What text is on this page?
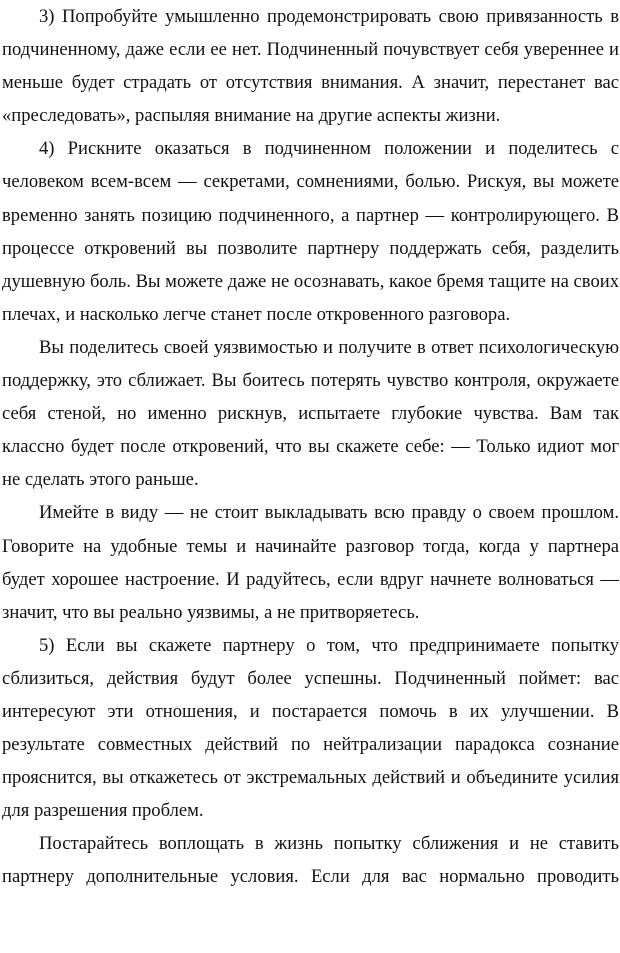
3) Попробуйте умышленно продемонстрировать свою привязанность в подчиненному, даже если ее нет. Подчиненный почувствует себя увереннее и меньше будет страдать от отсутствия внимания. А значит, перестанет вас «преследовать», распыляя внимание на другие аспекты жизни.

4) Рискните оказаться в подчиненном положении и поделитесь с человеком всем-всем — секретами, сомнениями, болью. Рискуя, вы можете временно занять позицию подчиненного, а партнер — контролирующего. В процессе откровений вы позволите партнеру поддержать себя, разделить душевную боль. Вы можете даже не осознавать, какое бремя тащите на своих плечах, и насколько легче станет после откровенного разговора.

Вы поделитесь своей уязвимостью и получите в ответ психологическую поддержку, это сближает. Вы боитесь потерять чувство контроля, окружаете себя стеной, но именно рискнув, испытаете глубокие чувства. Вам так классно будет после откровений, что вы скажете себе: — Только идиот мог не сделать этого раньше.

Имейте в виду — не стоит выкладывать всю правду о своем прошлом. Говорите на удобные темы и начинайте разговор тогда, когда у партнера будет хорошее настроение. И радуйтесь, если вдруг начнете волноваться — значит, что вы реально уязвимы, а не притворяетесь.

5) Если вы скажете партнеру о том, что предпринимаете попытку сблизиться, действия будут более успешны. Подчиненный поймет: вас интересуют эти отношения, и постарается помочь в их улучшении. В результате совместных действий по нейтрализации парадокса сознание прояснится, вы откажетесь от экстремальных действий и объедините усилия для разрешения проблем.

Постарайтесь воплощать в жизнь попытку сближения и не ставить партнеру дополнительные условия. Если для вас нормально проводить
